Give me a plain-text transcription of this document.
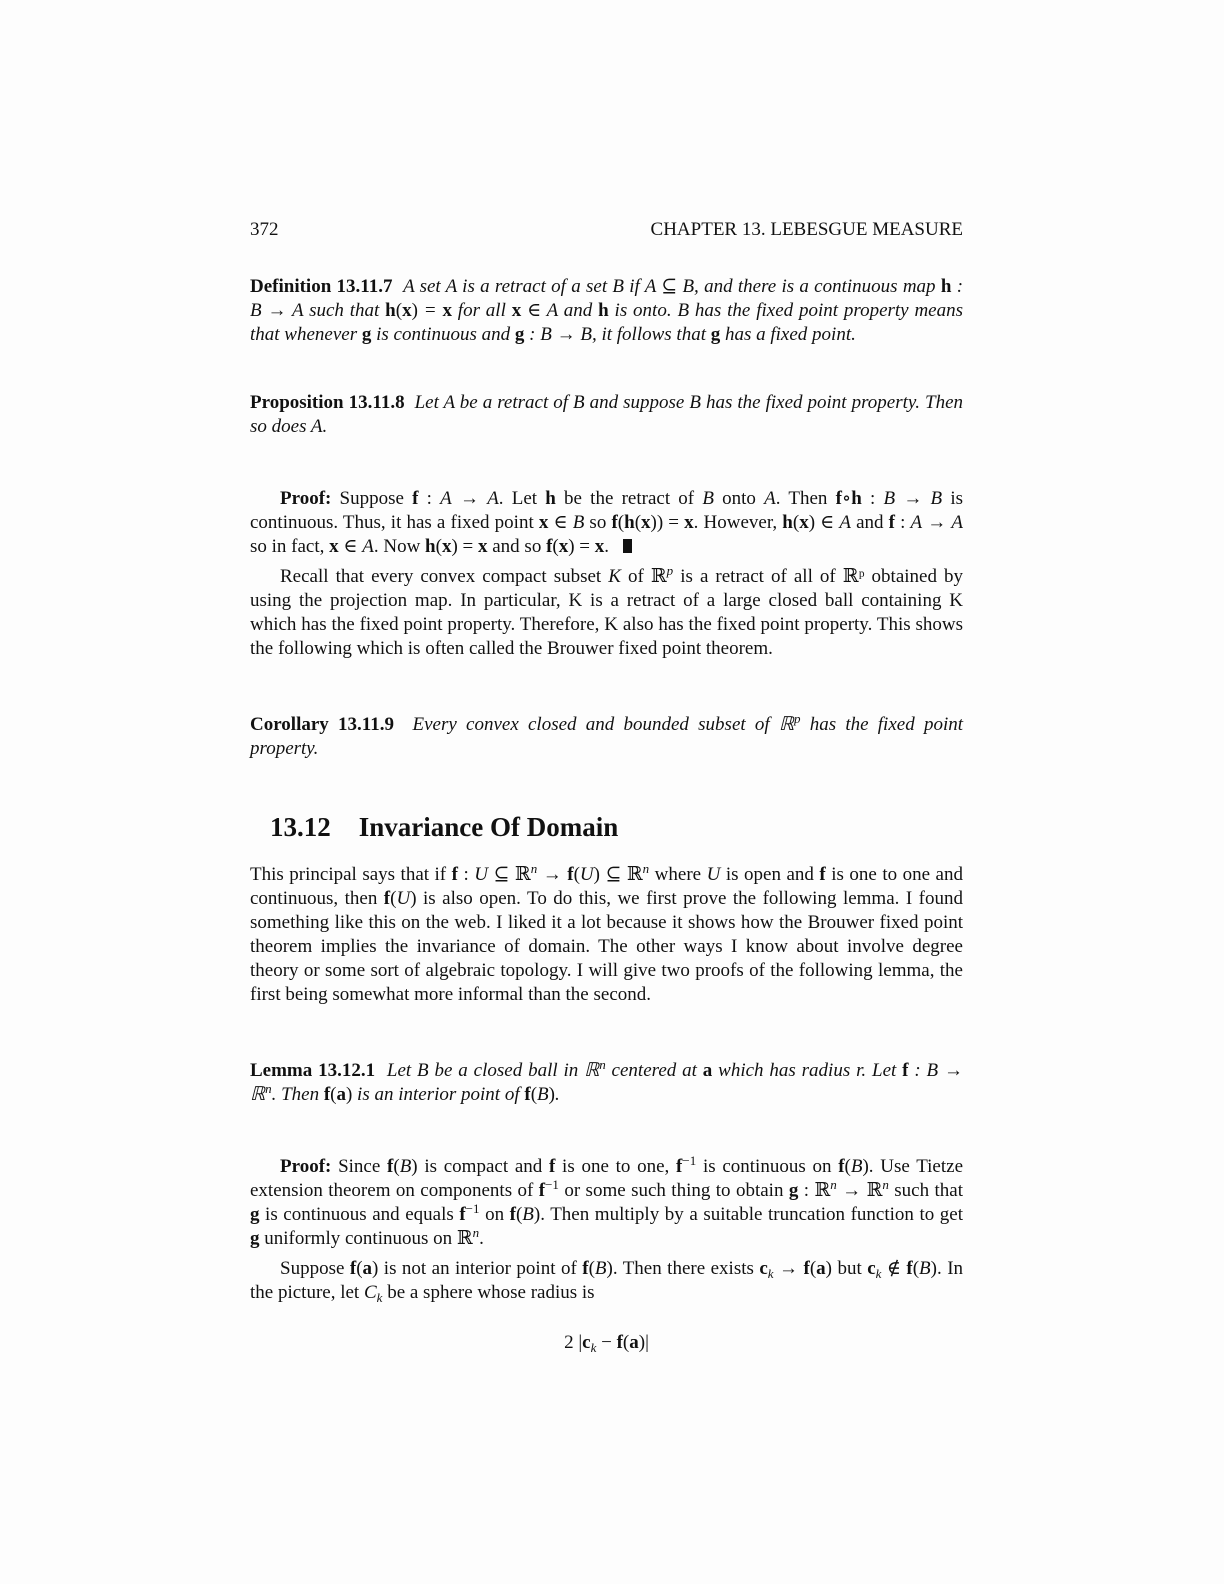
372	CHAPTER 13. LEBESGUE MEASURE
Definition 13.11.7 A set A is a retract of a set B if A ⊆ B, and there is a continuous map h : B → A such that h(x) = x for all x ∈ A and h is onto. B has the fixed point property means that whenever g is continuous and g : B → B, it follows that g has a fixed point.
Proposition 13.11.8 Let A be a retract of B and suppose B has the fixed point property. Then so does A.

Proof: Suppose f : A → A. Let h be the retract of B onto A. Then f∘h : B → B is continuous. Thus, it has a fixed point x ∈ B so f(h(x)) = x. However, h(x) ∈ A and f : A → A so in fact, x ∈ A. Now h(x) = x and so f(x) = x.

Recall that every convex compact subset K of ℝ$^p$ is a retract of all of ℝᵖ obtained by using the projection map. In particular, K is a retract of a large closed ball containing K which has the fixed point property. Therefore, K also has the fixed point property. This shows the following which is often called the Brouwer fixed point theorem.

Corollary 13.11.9 Every convex closed and bounded subset of ℝ$^p$ has the fixed point property.
13.12 Invariance Of Domain

This principal says that if f : U ⊆ ℝ$^n$ → f(U) ⊆ ℝ$^n$ where U is open and f is one to one and continuous, then f(U) is also open. To do this, we first prove the following lemma. I found something like this on the web. I liked it a lot because it shows how the Brouwer fixed point theorem implies the invariance of domain. The other ways I know about involve degree theory or some sort of algebraic topology. I will give two proofs of the following lemma, the first being somewhat more informal than the second.

Lemma 13.12.1 Let B be a closed ball in ℝ$^n$ centered at a which has radius r. Let f : B → ℝ$^n$. Then f(a) is an interior point of f(B).

Proof: Since f(B) is compact and f is one to one, $f^{-1}$ is continuous on f(B). Use Tietze extension theorem on components of $f^{-1}$ or some such thing to obtain g : ℝ$^n$ → ℝ$^n$ such that g is continuous and equals $f^{-1}$ on f(B). Then multiply by a suitable truncation function to get g uniformly continuous on ℝ$^n$.

Suppose f(a) is not an interior point of f(B). Then there exists $c_k \to f(a)$ but $c_k$ ∉ f(B). In the picture, let $C_k$ be a sphere whose radius is

2 $|c_k - f(a)|$
